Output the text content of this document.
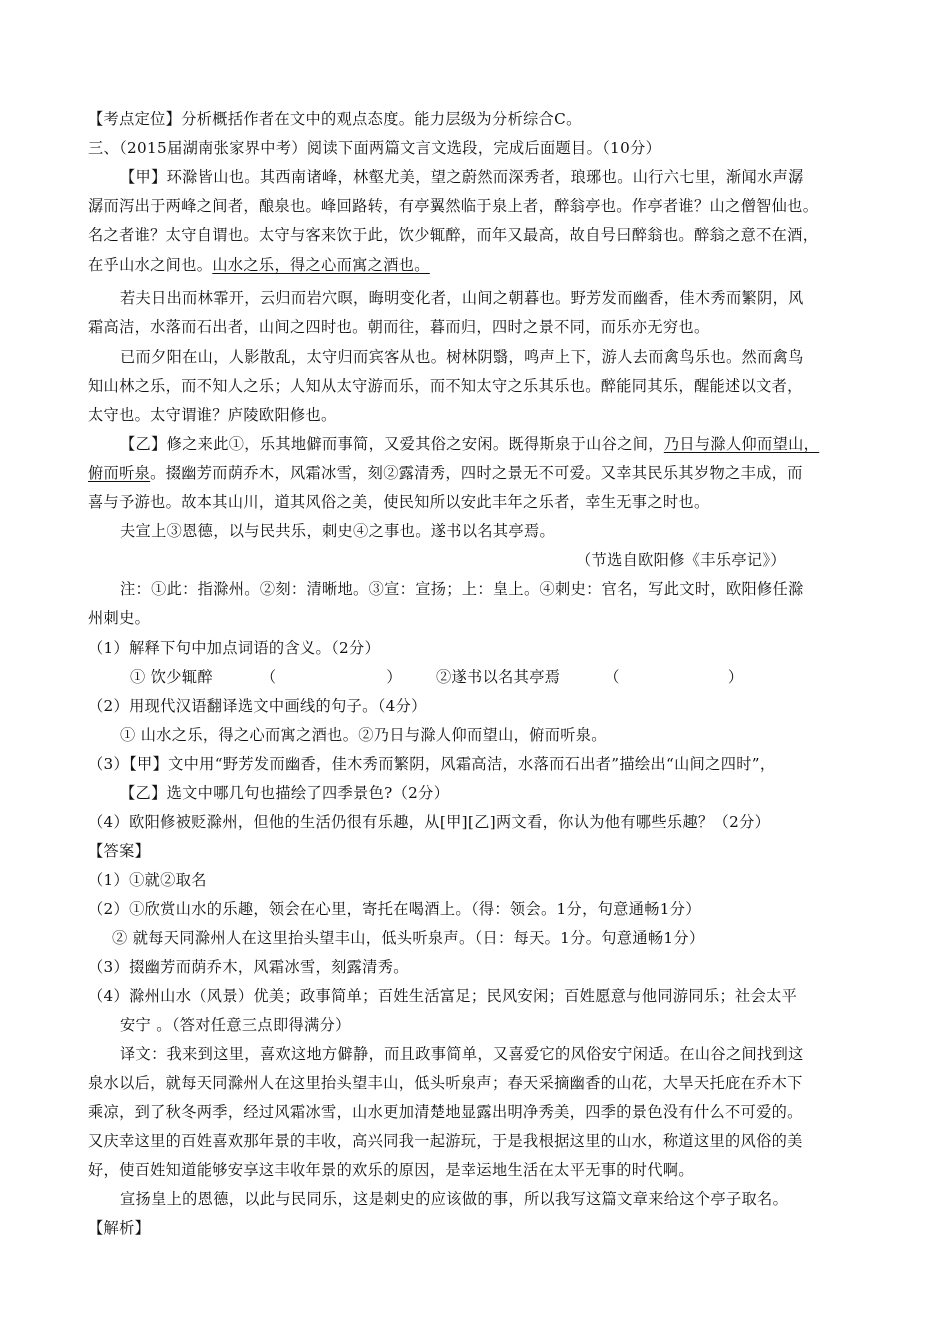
【考点定位】分析概括作者在文中的观点态度。能力层级为分析综合C。
三、（2015届湖南张家界中考）阅读下面两篇文言文选段，完成后面题目。（10分）
【甲】环滁皆山也。其西南诸峰，林壑尤美，望之蔚然而深秀者，琅琊也。山行六七里，渐闻水声潺
潺而泻出于两峰之间者，酿泉也。峰回路转，有亭翼然临于泉上者，醉翁亭也。作亭者谁？山之僧智仙也。
名之者谁？太守自谓也。太守与客来饮于此，饮少辄醉，而年又最高，故自号曰醉翁也。醉翁之意不在酒，
在乎山水之间也。山水之乐，得之心而寓之酒也。
若夫日出而林霏开，云归而岩穴暝，晦明变化者，山间之朝暮也。野芳发而幽香，佳木秀而繁阴，风
霜高洁，水落而石出者，山间之四时也。朝而往，暮而归，四时之景不同，而乐亦无穷也。
已而夕阳在山，人影散乱，太守归而宾客从也。树林阴翳，鸣声上下，游人去而禽鸟乐也。然而禽鸟
知山林之乐，而不知人之乐；人知从太守游而乐，而不知太守之乐其乐也。醉能同其乐，醒能述以文者，
太守也。太守谓谁？庐陵欧阳修也。
【乙】修之来此①，乐其地僻而事简，又爱其俗之安闲。既得斯泉于山谷之间，乃日与滁人仰而望山，
俯而听泉。掇幽芳而荫乔木，风霜冰雪，刻②露清秀，四时之景无不可爱。又幸其民乐其岁物之丰成，而
喜与予游也。故本其山川，道其风俗之美，使民知所以安此丰年之乐者，幸生无事之时也。
夫宣上③恩德，以与民共乐，刺史④之事也。遂书以名其亭焉。
（节选自欧阳修《丰乐亭记》）
注：①此：指滁州。②刻：清晰地。③宣：宣扬；上：皇上。④刺史：官名，写此文时，欧阳修任滁
州刺史。
（1）解释下句中加点词语的含义。（2分）
① 饮少辄醉	（	） ②遂书以名其亭焉	（	）
（2）用现代汉语翻译选文中画线的句子。（4分）
① 山水之乐，得之心而寓之酒也。②乃日与滁人仰而望山，俯而听泉。
（3）【甲】文中用“野芳发而幽香，佳木秀而繁阴，风霜高洁，水落而石出者”描绘出“山间之四时”，
【乙】选文中哪几句也描绘了四季景色?（2分）
（4）欧阳修被贬滁州，但他的生活仍很有乐趣，从[甲][乙]两文看，你认为他有哪些乐趣？（2分）
【答案】
（1）①就②取名
（2）①欣赏山水的乐趣，领会在心里，寄托在喝酒上。（得：领会。1分，句意通畅1分）
② 就每天同滁州人在这里抬头望丰山，低头听泉声。（日：每天。1分。句意通畅1分）
（3）掇幽芳而荫乔木，风霜冰雪，刻露清秀。
（4）滁州山水（风景）优美；政事简单；百姓生活富足；民风安闲；百姓愿意与他同游同乐；社会太平
安宁 。（答对任意三点即得满分）
译文：我来到这里，喜欢这地方僻静，而且政事简单，又喜爱它的风俗安宁闲适。在山谷之间找到这
泉水以后，就每天同滁州人在这里抬头望丰山，低头听泉声；春天采摘幽香的山花，大旱天托庇在乔木下
乘凉，到了秋冬两季，经过风霜冰雪，山水更加清楚地显露出明净秀美，四季的景色没有什么不可爱的。
又庆幸这里的百姓喜欢那年景的丰收，高兴同我一起游玩，于是我根据这里的山水，称道这里的风俗的美
好，使百姓知道能够安享这丰收年景的欢乐的原因，是幸运地生活在太平无事的时代啊。
宣扬皇上的恩德，以此与民同乐，这是刺史的应该做的事，所以我写这篇文章来给这个亭子取名。
【解析】
